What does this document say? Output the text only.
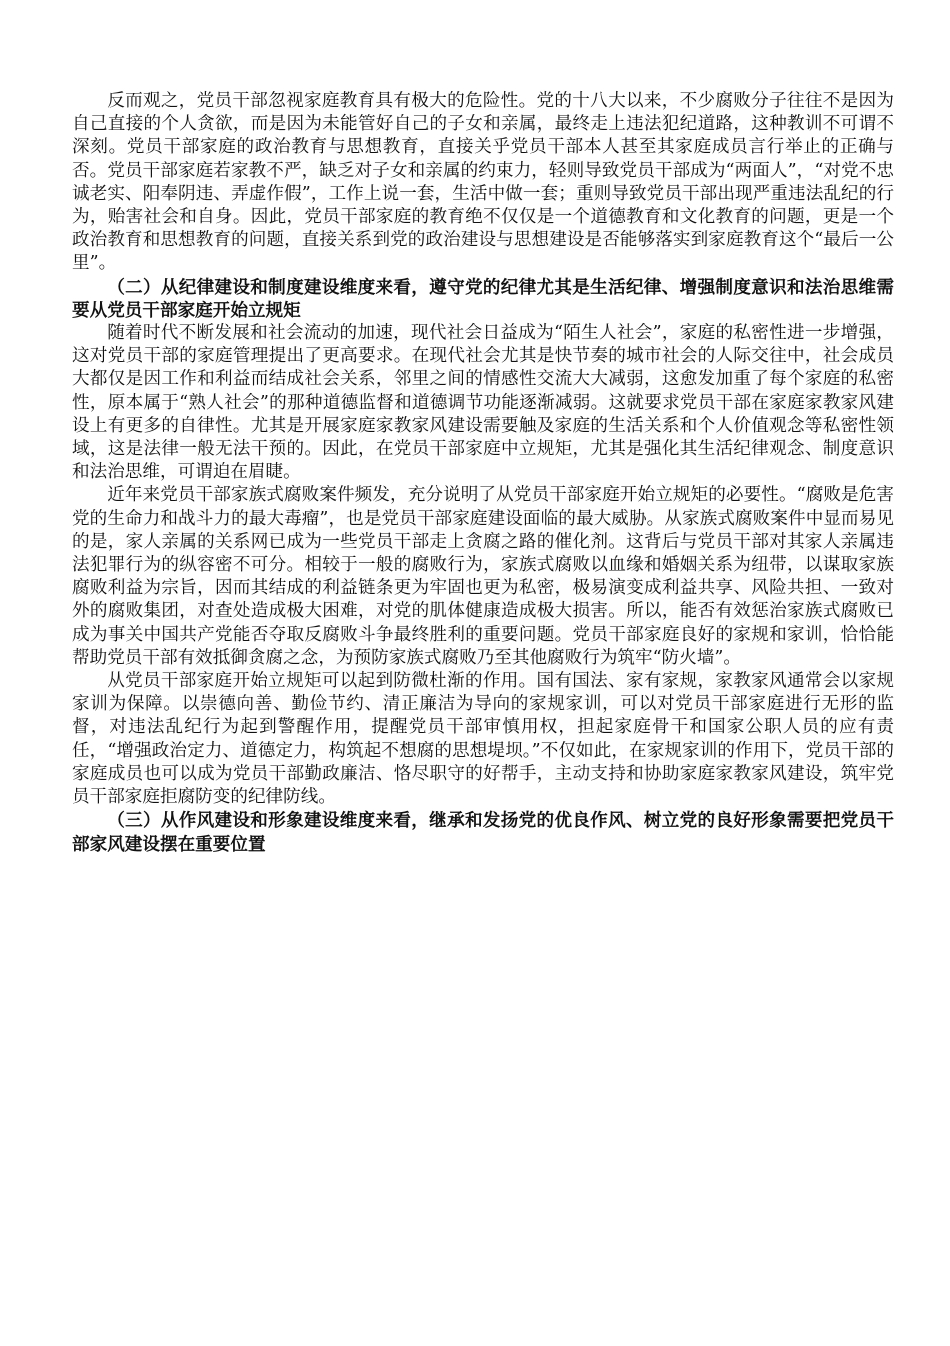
反而观之，党员干部忽视家庭教育具有极大的危险性。党的十八大以来，不少腐败分子往往不是因为自己直接的个人贪欲，而是因为未能管好自己的子女和亲属，最终走上违法犯纪道路，这种教训不可谓不深刻。党员干部家庭的政治教育与思想教育，直接关乎党员干部本人甚至其家庭成员言行举止的正确与否。党员干部家庭若家教不严，缺乏对子女和亲属的约束力，轻则导致党员干部成为“两面人”，“对党不忠诚老实、阳奉阴违、弄虚作假”，工作上说一套，生活中做一套；重则导致党员干部出现严重违法乱纪的行为，贻害社会和自身。因此，党员干部家庭的教育绝不仅仅是一个道德教育和文化教育的问题，更是一个政治教育和思想教育的问题，直接关系到党的政治建设与思想建设是否能够落实到家庭教育这个“最后一公里”。

（二）从纪律建设和制度建设维度来看，遵守党的纪律尤其是生活纪律、增强制度意识和法治思维需要从党员干部家庭开始立规矩

随着时代不断发展和社会流动的加速，现代社会日益成为“陌生人社会”，家庭的私密性进一步增强，这对党员干部的家庭管理提出了更高要求。在现代社会尤其是快节奏的城市社会的人际交往中，社会成员大都仅是因工作和利益而结成社会关系，邻里之间的情感性交流大大减弱，这愈发加重了每个家庭的私密性，原本属于“熟人社会”的那种道德监督和道德调节功能逐渐减弱。这就要求党员干部在家庭家教家风建设上有更多的自律性。尤其是开展家庭家教家风建设需要触及家庭的生活关系和个人价值观念等私密性领域，这是法律一般无法干预的。因此，在党员干部家庭中立规矩，尤其是强化其生活纪律观念、制度意识和法治思维，可谓迫在眉睫。

近年来党员干部家族式腐败案件频发，充分说明了从党员干部家庭开始立规矩的必要性。“腐败是危害党的生命力和战斗力的最大毒瘤”，也是党员干部家庭建设面临的最大威胁。从家族式腐败案件中显而易见的是，家人亲属的关系网已成为一些党员干部走上贪腐之路的催化剂。这背后与党员干部对其家人亲属违法犯罪行为的纵容密不可分。相较于一般的腐败行为，家族式腐败以血缘和婚姻关系为纽带，以谋取家族腐败利益为宗旨，因而其结成的利益链条更为牢固也更为私密，极易演变成利益共享、风险共担、一致对外的腐败集团，对查处造成极大困难，对党的肌体健康造成极大损害。所以，能否有效惩治家族式腐败已成为事关中国共产党能否夺取反腐败斗争最终胜利的重要问题。党员干部家庭良好的家规和家训，恰恰能帮助党员干部有效抵御贪腐之念，为预防家族式腐败乃至其他腐败行为筑牢“防火墙”。

从党员干部家庭开始立规矩可以起到防微杜渐的作用。国有国法、家有家规，家教家风通常会以家规家训为保障。以崇德向善、勤俭节约、清正廉洁为导向的家规家训，可以对党员干部家庭进行无形的监督，对违法乱纪行为起到警醒作用，提醒党员干部审慎用权，担起家庭骨干和国家公职人员的应有责任，“增强政治定力、道德定力，构筑起不想腐的思想堤坝。”不仅如此，在家规家训的作用下，党员干部的家庭成员也可以成为党员干部勤政廉洁、恪尽职守的好帮手，主动支持和协助家庭家教家风建设，筑牢党员干部家庭拒腐防变的纪律防线。

（三）从作风建设和形象建设维度来看，继承和发扬党的优良作风、树立党的良好形象需要把党员干部家风建设摆在重要位置
